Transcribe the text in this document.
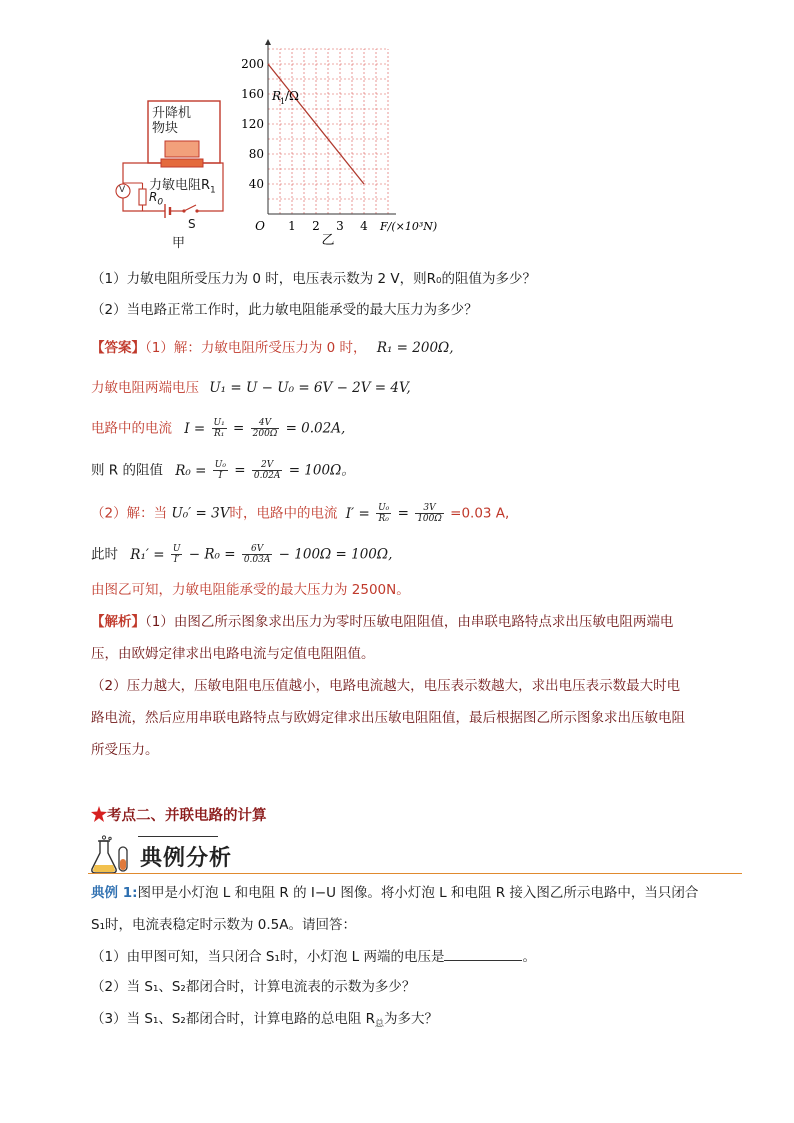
升降机
物块
力敏电阻$R_1$
$R_0$
V
S
甲
40
80
120
160
200
1 2 3 4
O
R
1 /Ω
F/(×10³N)
乙
（1）力敏电阻所受压力为 0 时，电压表示数为 2 V，则R₀的阻值为多少？
（2）当电路正常工作时，此力敏电阻能承受的最大压力为多少？
【答案】（1）解：力敏电阻所受压力为 0 时， R₁ = 200Ω,
力敏电阻两端电压 U₁ = U − U₀ = 6V − 2V = 4V,
电路中的电流 $I = \frac{\text{U₁}}{\text{R₁}} = \frac{4V}{200\Omega} = 0.02A$,
则 R 的阻值 $R_0 = \frac{\text{U₀}}{I} = \frac{2V}{0.02A} = 100\Omega$。
（2）解：当 U₀′ = 3V时，电路中的电流 $I' = \frac{\text{U₀}}{\text{R₀}} = \frac{3V}{100\Omega} =0.03$ A,
此时 $R_1' = \frac{U}{I'} - R_0 = \frac{6V}{0.03A} - 100\Omega = 100\Omega$,
由图乙可知，力敏电阻能承受的最大压力为 2500N。
【解析】（1）由图乙所示图象求出压力为零时压敏电阻阻值，由串联电路特点求出压敏电阻两端电
压，由欧姆定律求出电路电流与定值电阻阻值。
（2）压力越大，压敏电阻电压值越小，电路电流越大，电压表示数越大，求出电压表示数最大时电
路电流，然后应用串联电路特点与欧姆定律求出压敏电阻阻值，最后根据图乙所示图象求出压敏电阻
所受压力。
考点二、并联电路的计算
典例分析
典例 1:图甲是小灯泡 L 和电阻 R 的 I−U 图像。将小灯泡 L 和电阻 R 接入图乙所示电路中，当只闭合
S₁时，电流表稳定时示数为 0.5A。请回答：
（1）由甲图可知，当只闭合 S₁时，小灯泡 L 两端的电压是	。
（2）当 S₁、S₂都闭合时，计算电流表的示数为多少？
（3）当 S₁、S₂都闭合时，计算电路的总电阻 $R_总$为多大？
